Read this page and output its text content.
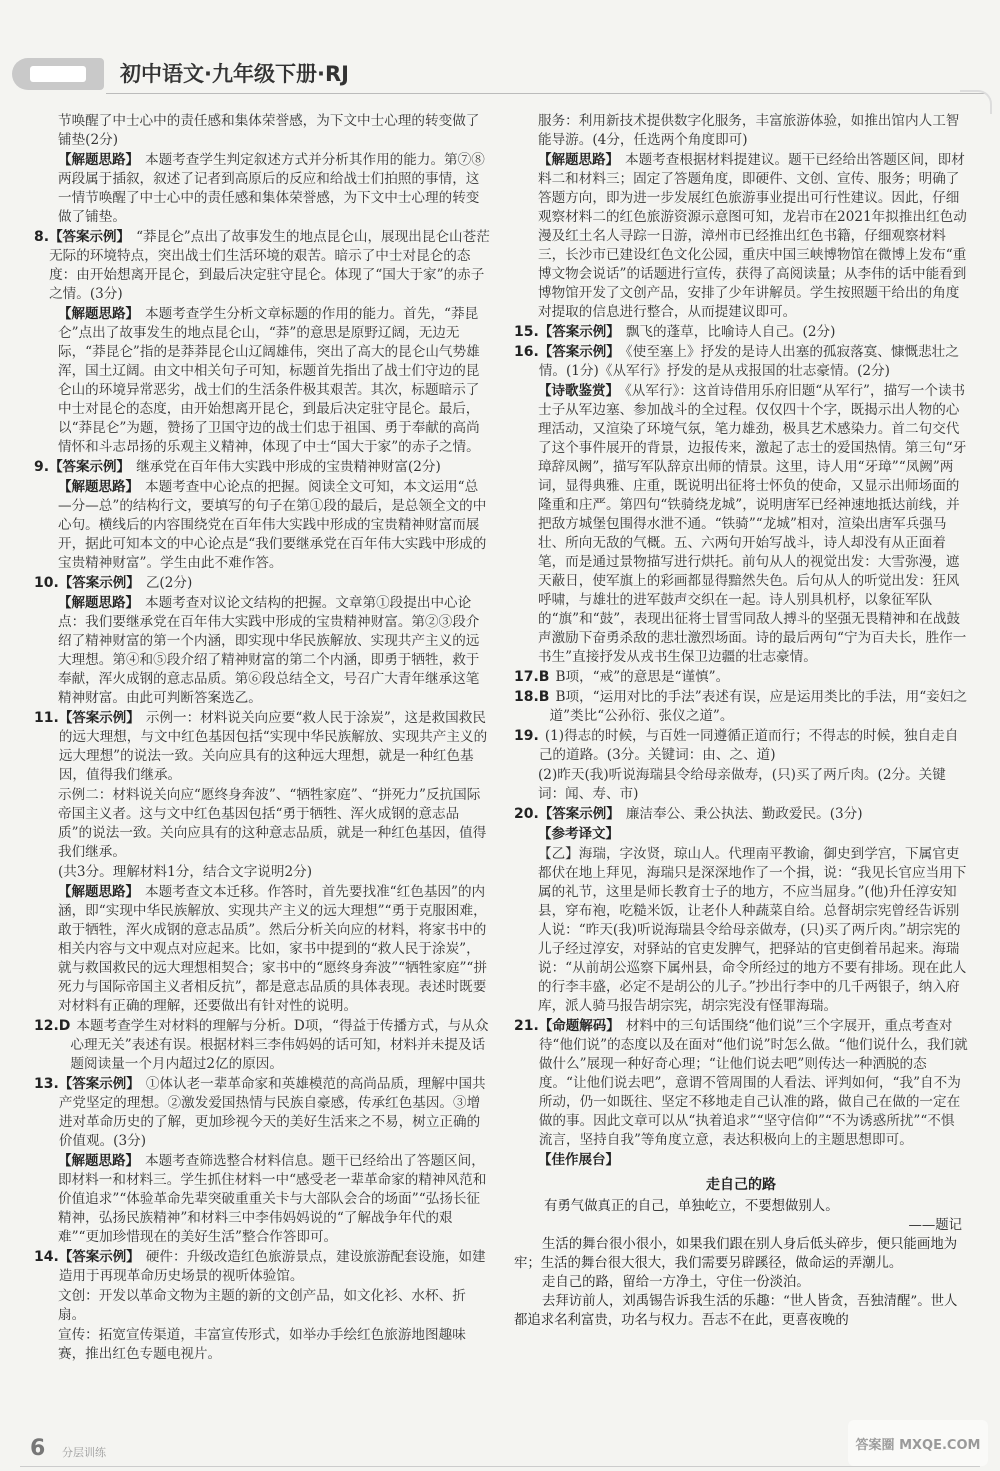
初中语文·九年级下册·RJ
节唤醒了中士心中的责任感和集体荣誉感，为下文中士心理的转变做了铺垫(2分)
【解题思路】 本题考查学生判定叙述方式并分析其作用的能力。第⑦⑧两段属于插叙，叙述了记者到高原后的反应和给战士们拍照的事情，这一情节唤醒了中士心中的责任感和集体荣誉感，为下文中士心理的转变做了铺垫。
8. 【答案示例】 “莽昆仑”点出了故事发生的地点昆仑山，展现出昆仑山苍茫无际的环境特点，突出战士们生活环境的艰苦。暗示了中士对昆仑的态度：由开始想离开昆仑，到最后决定驻守昆仑。体现了“国大于家”的赤子之情。(3分)
【解题思路】 本题考查学生分析文章标题的作用的能力。首先，“莽昆仑”点出了故事发生的地点昆仑山，“莽”的意思是原野辽阔，无边无际，“莽昆仑”指的是莽莽昆仑山辽阔雄伟，突出了高大的昆仑山气势雄浑，国土辽阔。由文中相关句子可知，标题首先指出了战士们守边的昆仑山的环境异常恶劣，战士们的生活条件极其艰苦。其次，标题暗示了中士对昆仑的态度，由开始想离开昆仑，到最后决定驻守昆仑。最后，以“莽昆仑”为题，赞扬了卫国守边的战士们忠于祖国、勇于奉献的高尚情怀和斗志昂扬的乐观主义精神，体现了中士“国大于家”的赤子之情。
9. 【答案示例】 继承党在百年伟大实践中形成的宝贵精神财富(2分)
【解题思路】 本题考查中心论点的把握。阅读全文可知，本文运用“总—分—总”的结构行文，要填写的句子在第①段的最后，是总领全文的中心句。横线后的内容围绕党在百年伟大实践中形成的宝贵精神财富而展开，据此可知本文的中心论点是“我们要继承党在百年伟大实践中形成的宝贵精神财富”。学生由此不难作答。
10. 【答案示例】 乙(2分)
【解题思路】 本题考查对议论文结构的把握。文章第①段提出中心论点：我们要继承党在百年伟大实践中形成的宝贵精神财富。第②③段介绍了精神财富的第一个内涵，即实现中华民族解放、实现共产主义的远大理想。第④和⑤段介绍了精神财富的第二个内涵，即勇于牺牲，救于奉献，浑火成钢的意志品质。第⑥段总结全文，号召广大青年继承这笔精神财富。由此可判断答案选乙。
11. 【答案示例】 示例一：材料说关向应要“救人民于涂炭”，这是救国救民的远大理想，与文中红色基因包括“实现中华民族解放、实现共产主义的远大理想”的说法一致。关向应具有的这种远大理想，就是一种红色基因，值得我们继承。
示例二：材料说关向应“愿终身奔波”、“牺牲家庭”、“拼死力”反抗国际帝国主义者。这与文中红色基因包括“勇于牺牲、浑火成钢的意志品质”的说法一致。关向应具有的这种意志品质，就是一种红色基因，值得我们继承。
(共3分。理解材料1分，结合文字说明2分)
【解题思路】 本题考查文本迁移。作答时，首先要找准“红色基因”的内涵，即“实现中华民族解放、实现共产主义的远大理想”“勇于克服困难，敢于牺牲，浑火成钢的意志品质”。然后分析关向应的材料，将家书中的相关内容与文中观点对应起来。比如，家书中提到的“救人民于涂炭”，就与救国救民的远大理想相契合；家书中的“愿终身奔波”“牺牲家庭”“拼死力与国际帝国主义者相反抗”，都是意志品质的具体表现。表述时既要对材料有正确的理解，还要做出有针对性的说明。
12.D 本题考查学生对材料的理解与分析。D项，“得益于传播方式，与从众心理无关”表述有误。根据材料三李伟妈妈的话可知，材料并未提及话题阅读量一个月内超过2亿的原因。
13. 【答案示例】 ①体认老一辈革命家和英雄模范的高尚品质，理解中国共产党坚定的理想。②激发爱国热情与民族自豪感，传承红色基因。③增进对革命历史的了解，更加珍视今天的美好生活来之不易，树立正确的价值观。(3分)
【解题思路】 本题考查筛选整合材料信息。题干已经给出了答题区间，即材料一和材料三。学生抓住材料一中“感受老一辈革命家的精神风范和价值追求”“体验革命先辈突破重重关卡与大部队会合的场面”“弘扬长征精神，弘扬民族精神”和材料三中李伟妈妈说的“了解战争年代的艰难”“更加珍惜现在的美好生活”整合作答即可。
14. 【答案示例】 硬件：升级改造红色旅游景点，建设旅游配套设施，如建造用于再现革命历史场景的视听体验馆。
文创：开发以革命文物为主题的新的文创产品，如文化衫、水杯、折扇。
宣传：拓宽宣传渠道，丰富宣传形式，如举办手绘红色旅游地图趣味赛，推出红色专题电视片。
服务：利用新技术提供数字化服务，丰富旅游体验，如推出馆内人工智能导游。(4分，任选两个角度即可)
【解题思路】 本题考查根据材料提建议。题干已经给出答题区间，即材料二和材料三；固定了答题角度，即硬件、文创、宣传、服务；明确了答题方向，即为进一步发展红色旅游事业提出可行性建议。因此，仔细观察材料二的红色旅游资源示意图可知，龙岩市在2021年拟推出红色动漫及红土名人寻踪一日游，漳州市已经推出红色书籍，仔细观察材料三，长沙市已建设红色文化公园，重庆中国三峡博物馆在微博上发布“重博文物会说话”的话题进行宣传，获得了高阅读量；从李伟的话中能看到博物馆开发了文创产品，安排了少年讲解员。学生按照题干给出的角度对提取的信息进行整合，从而提建议即可。
15. 【答案示例】 飘飞的蓬草，比喻诗人自己。(2分)
16. 【答案示例】 《使至塞上》抒发的是诗人出塞的孤寂落寞、慷慨悲壮之情。(1分)《从军行》抒发的是从戎报国的壮志豪情。(2分)
【诗歌鉴赏】 《从军行》：这首诗借用乐府旧题“从军行”，描写一个读书士子从军边塞、参加战斗的全过程。仅仅四十个字，既揭示出人物的心理活动，又渲染了环境气氛，笔力雄劲，极具艺术感染力。首二句交代了这个事件展开的背景，边报传来，激起了志士的爱国热情。第三句“牙璋辞凤阙”，描写军队辞京出师的情景。这里，诗人用“牙璋”“凤阙”两词，显得典雅、庄重，既说明出征将士怀负的使命，又显示出师场面的隆重和庄严。第四句“铁骑绕龙城”，说明唐军已经神速地抵达前线，并把敌方城堡包围得水泄不通。“铁骑”“龙城”相对，渲染出唐军兵强马壮、所向无敌的气概。五、六两句开始写战斗，诗人却没有从正面着笔，而是通过景物描写进行烘托。前句从人的视觉出发：大雪弥漫，遮天蔽日，使军旗上的彩画都显得黯然失色。后句从人的听觉出发：狂风呼啸，与雄壮的进军鼓声交织在一起。诗人别具机杼，以象征军队的“旗”和“鼓”，表现出征将士冒雪同敌人搏斗的坚强无畏精神和在战鼓声激励下奋勇杀敌的悲壮激烈场面。诗的最后两句“宁为百夫长，胜作一书生”直接抒发从戎书生保卫边疆的壮志豪情。
17.B B项，“戒”的意思是“谨慎”。
18.B B项，“运用对比的手法”表述有误，应是运用类比的手法，用“妾妇之道”类比“公孙衍、张仪之道”。
19. (1)得志的时候，与百姓一同遵循正道而行；不得志的时候，独自走自己的道路。(3分。关键词：由、之、道)
(2)昨天(我)听说海瑞县令给母亲做寿，(只)买了两斤肉。(2分。关键词：闻、寿、市)
20. 【答案示例】 廉洁奉公、秉公执法、勤政爱民。(3分)
【参考译文】
【乙】海瑞，字汝贤，琼山人。代理南平教谕，御史到学宫，下属官吏都伏在地上拜见，海瑞只是深深地作了一个揖，说：“我见长官应当用下属的礼节，这里是师长教育士子的地方，不应当屈身。”(他)升任淳安知县，穿布袍，吃糙米饭，让老仆人种蔬菜自给。总督胡宗宪曾经告诉别人说：“昨天(我)听说海瑞县令给母亲做寿，(只)买了两斤肉。”胡宗宪的儿子经过淳安，对驿站的官吏发脾气，把驿站的官吏倒着吊起来。海瑞说：“从前胡公巡察下属州县，命令所经过的地方不要有排场。现在此人的行李丰盛，必定不是胡公的儿子。”抄出行李中的几千两银子，纳入府库，派人骑马报告胡宗宪，胡宗宪没有怪罪海瑞。
21. 【命题解码】 材料中的三句话围绕“他们说”三个字展开，重点考查对待“他们说”的态度以及在面对“他们说”时怎么做。“他们说什么，我们就做什么”展现一种好奇心理；“让他们说去吧”则传达一种洒脱的态度。“让他们说去吧”，意谓不管周围的人看法、评判如何，“我”自不为所动，仍一如既往、坚定不移地走自己认准的路，做自己在做的一定在做的事。因此文章可以从“执着追求”“坚守信仰”“不为诱惑所扰”“不惧流言，坚持自我”等角度立意，表达积极向上的主题思想即可。
【佳作展台】
走自己的路
有勇气做真正的自己，单独屹立，不要想做别人。
——题记

生活的舞台很小很小，如果我们跟在别人身后低头碎步，便只能画地为牢；生活的舞台很大很大，我们需要另辟蹊径，做命运的弄潮儿。

走自己的路，留给一方净土，守住一份淡泊。

去拜访前人，刘禹锡告诉我生活的乐趣：“世人皆贪，吾独清醒”。世人都追求名利富贵，功名与权力。吾志不在此，更喜夜晚的

6 分层训练	答案圈 MXQE.COM
